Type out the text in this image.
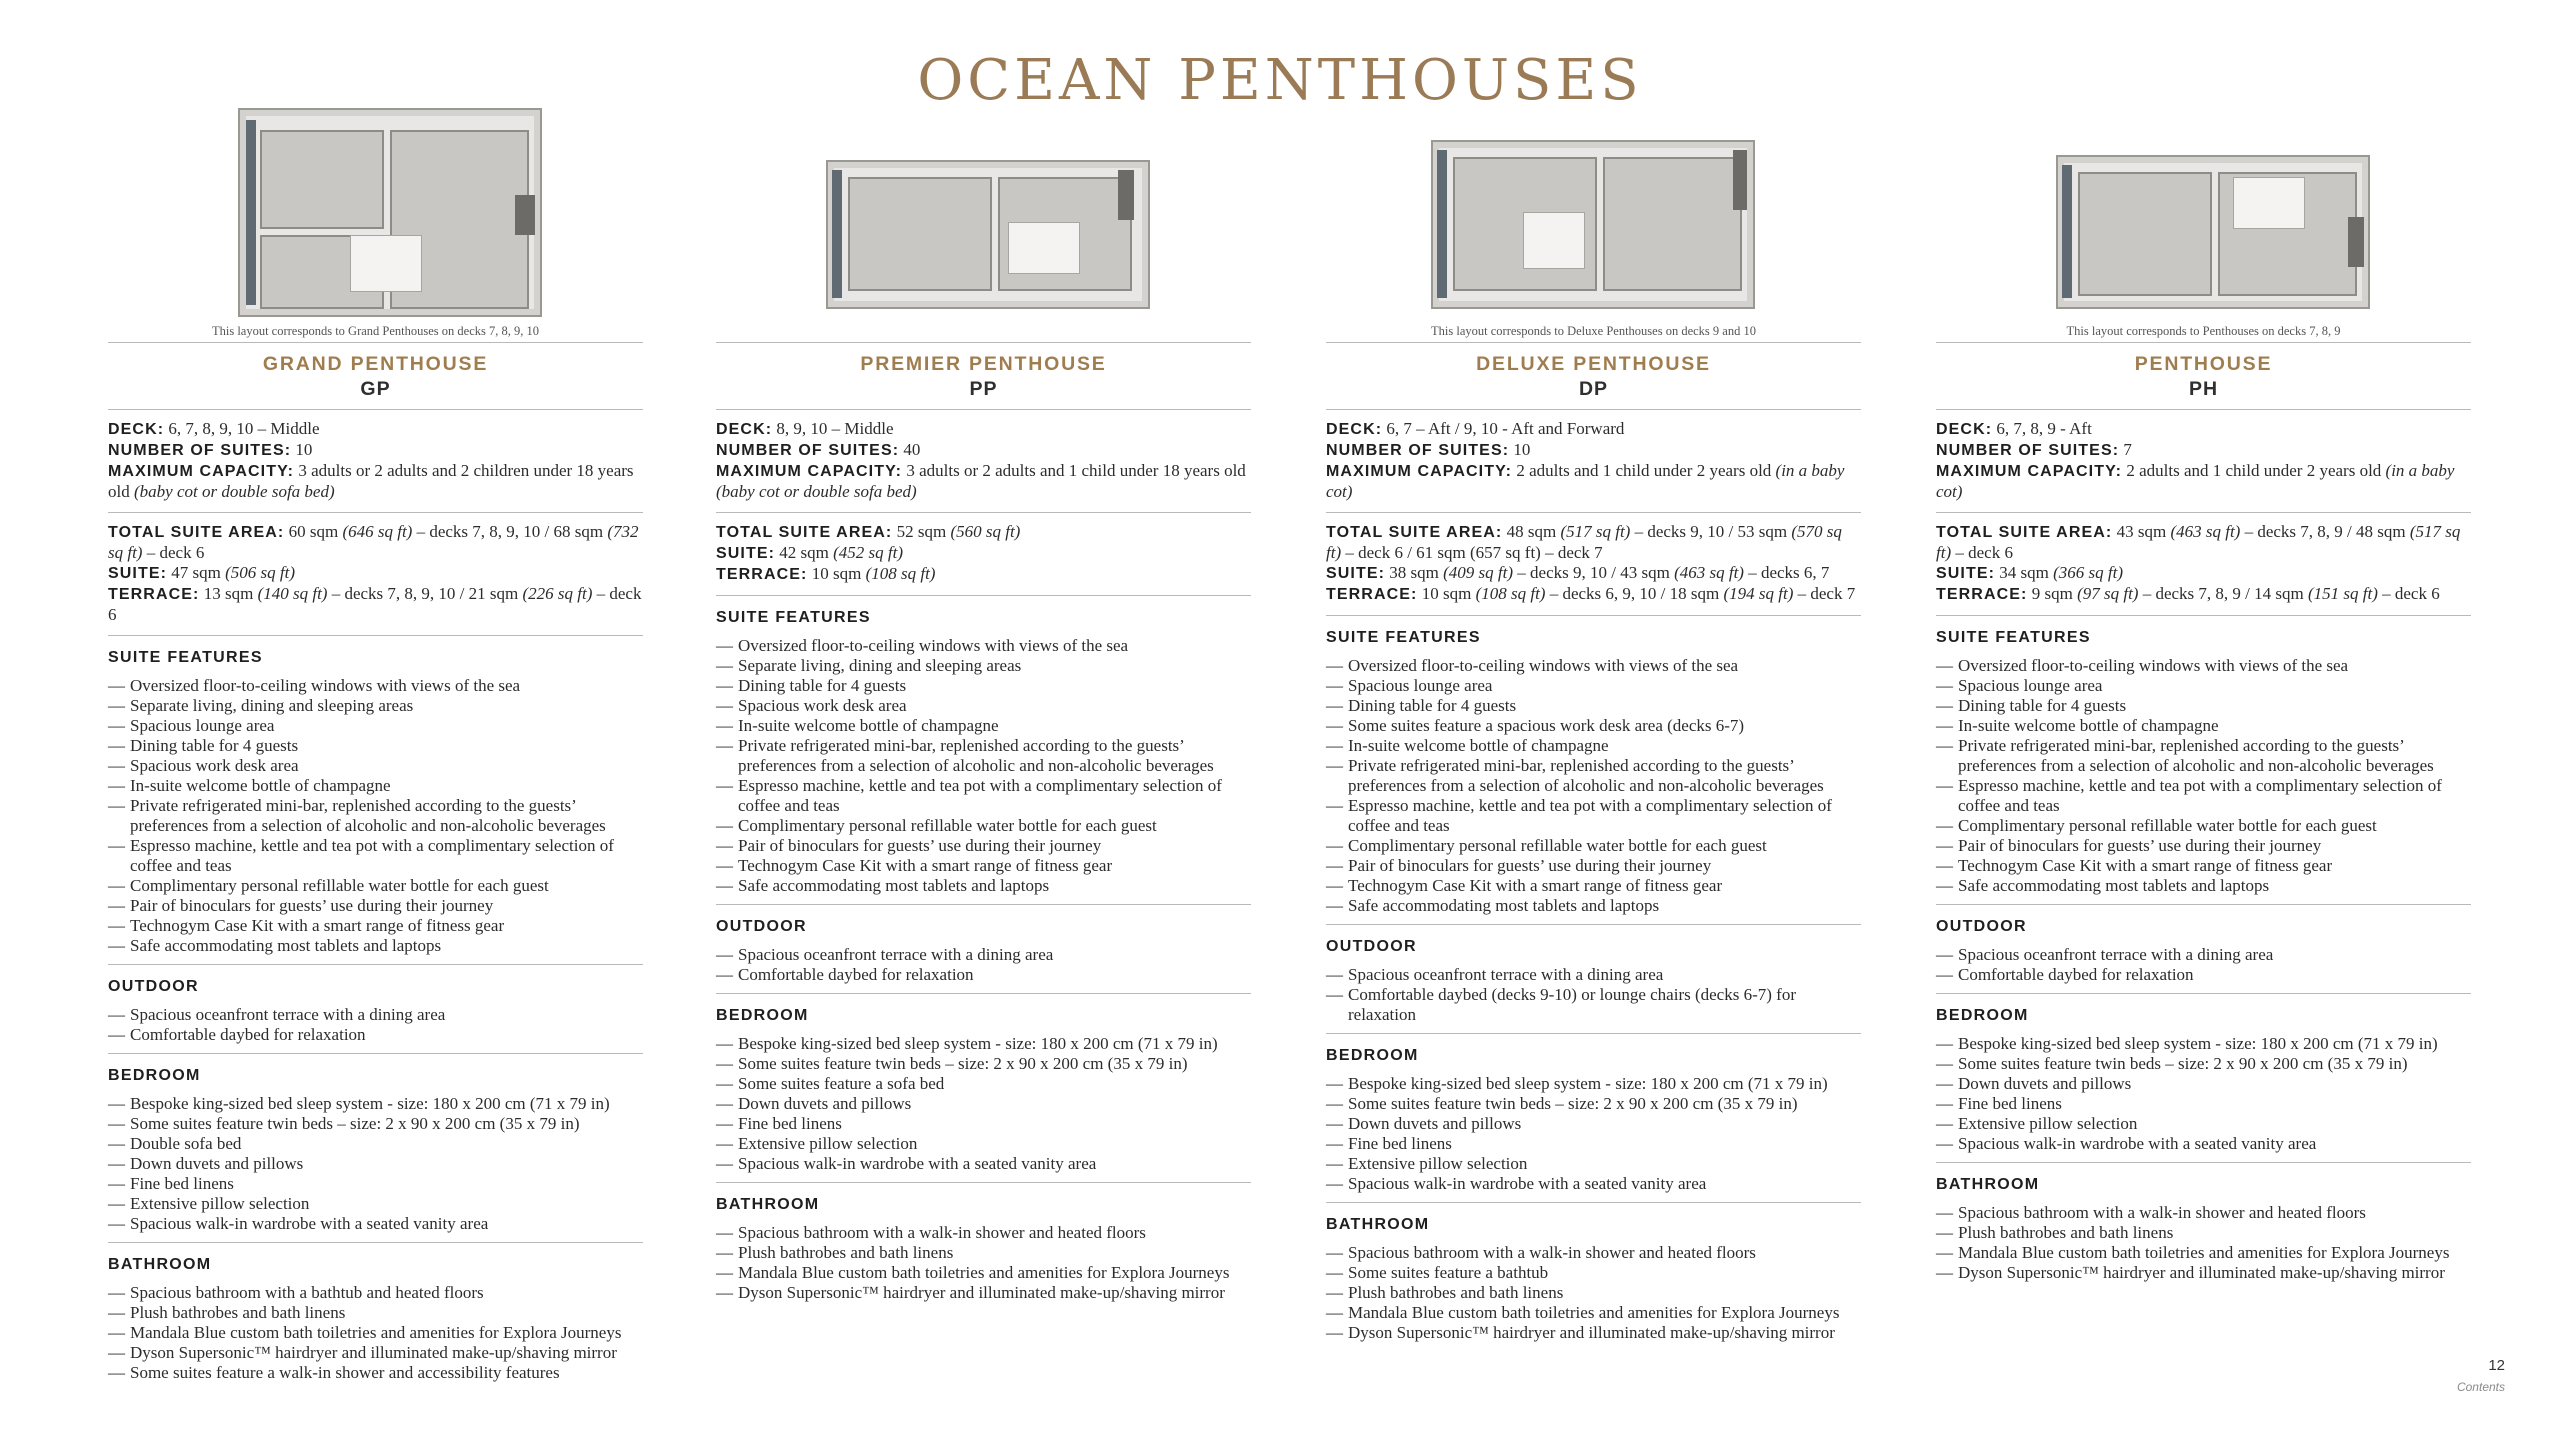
OCEAN PENTHOUSES
This layout corresponds to Grand Penthouses on decks 7, 8, 9, 10
GRAND PENTHOUSE
GP
DECK: 6, 7, 8, 9, 10 – Middle
NUMBER OF SUITES: 10
MAXIMUM CAPACITY: 3 adults or 2 adults and 2 children under 18 years old (baby cot or double sofa bed)
TOTAL SUITE AREA: 60 sqm (646 sq ft) – decks 7, 8, 9, 10 / 68 sqm (732 sq ft) – deck 6
SUITE: 47 sqm (506 sq ft)
TERRACE: 13 sqm (140 sq ft) – decks 7, 8, 9, 10 / 21 sqm (226 sq ft) – deck 6
SUITE FEATURES
—Oversized floor-to-ceiling windows with views of the sea
—Separate living, dining and sleeping areas
—Spacious lounge area
—Dining table for 4 guests
—Spacious work desk area
—In-suite welcome bottle of champagne
—Private refrigerated mini-bar, replenished according to the guests’ preferences from a selection of alcoholic and non-alcoholic beverages
—Espresso machine, kettle and tea pot with a complimentary selection of coffee and teas
—Complimentary personal refillable water bottle for each guest
—Pair of binoculars for guests’ use during their journey
—Technogym Case Kit with a smart range of fitness gear
—Safe accommodating most tablets and laptops
OUTDOOR
—Spacious oceanfront terrace with a dining area
—Comfortable daybed for relaxation
BEDROOM
—Bespoke king-sized bed sleep system - size: 180 x 200 cm (71 x 79 in)
—Some suites feature twin beds – size: 2 x 90 x 200 cm (35 x 79 in)
—Double sofa bed
—Down duvets and pillows
—Fine bed linens
—Extensive pillow selection
—Spacious walk-in wardrobe with a seated vanity area
BATHROOM
—Spacious bathroom with a bathtub and heated floors
—Plush bathrobes and bath linens
—Mandala Blue custom bath toiletries and amenities for Explora Journeys
—Dyson Supersonic™ hairdryer and illuminated make-up/shaving mirror
—Some suites feature a walk-in shower and accessibility features
PREMIER PENTHOUSE
PP
DECK: 8, 9, 10 – Middle
NUMBER OF SUITES: 40
MAXIMUM CAPACITY: 3 adults or 2 adults and 1 child under 18 years old (baby cot or double sofa bed)
TOTAL SUITE AREA: 52 sqm (560 sq ft)
SUITE: 42 sqm (452 sq ft)
TERRACE: 10 sqm (108 sq ft)
SUITE FEATURES
—Oversized floor-to-ceiling windows with views of the sea
—Separate living, dining and sleeping areas
—Dining table for 4 guests
—Spacious work desk area
—In-suite welcome bottle of champagne
—Private refrigerated mini-bar, replenished according to the guests’ preferences from a selection of alcoholic and non-alcoholic beverages
—Espresso machine, kettle and tea pot with a complimentary selection of coffee and teas
—Complimentary personal refillable water bottle for each guest
—Pair of binoculars for guests’ use during their journey
—Technogym Case Kit with a smart range of fitness gear
—Safe accommodating most tablets and laptops
OUTDOOR
—Spacious oceanfront terrace with a dining area
—Comfortable daybed for relaxation
BEDROOM
—Bespoke king-sized bed sleep system - size: 180 x 200 cm (71 x 79 in)
—Some suites feature twin beds – size: 2 x 90 x 200 cm (35 x 79 in)
—Some suites feature a sofa bed
—Down duvets and pillows
—Fine bed linens
—Extensive pillow selection
—Spacious walk-in wardrobe with a seated vanity area
BATHROOM
—Spacious bathroom with a walk-in shower and heated floors
—Plush bathrobes and bath linens
—Mandala Blue custom bath toiletries and amenities for Explora Journeys
—Dyson Supersonic™ hairdryer and illuminated make-up/shaving mirror
This layout corresponds to Deluxe Penthouses on decks 9 and 10
DELUXE PENTHOUSE
DP
DECK: 6, 7 – Aft / 9, 10 - Aft and Forward
NUMBER OF SUITES: 10
MAXIMUM CAPACITY: 2 adults and 1 child under 2 years old (in a baby cot)
TOTAL SUITE AREA: 48 sqm (517 sq ft) – decks 9, 10 / 53 sqm (570 sq ft) – deck 6 / 61 sqm (657 sq ft) – deck 7
SUITE: 38 sqm (409 sq ft) – decks 9, 10 / 43 sqm (463 sq ft) – decks 6, 7
TERRACE: 10 sqm (108 sq ft) – decks 6, 9, 10 / 18 sqm (194 sq ft) – deck 7
SUITE FEATURES
—Oversized floor-to-ceiling windows with views of the sea
—Spacious lounge area
—Dining table for 4 guests
—Some suites feature a spacious work desk area (decks 6-7)
—In-suite welcome bottle of champagne
—Private refrigerated mini-bar, replenished according to the guests’ preferences from a selection of alcoholic and non-alcoholic beverages
—Espresso machine, kettle and tea pot with a complimentary selection of coffee and teas
—Complimentary personal refillable water bottle for each guest
—Pair of binoculars for guests’ use during their journey
—Technogym Case Kit with a smart range of fitness gear
—Safe accommodating most tablets and laptops
OUTDOOR
—Spacious oceanfront terrace with a dining area
—Comfortable daybed (decks 9-10) or lounge chairs (decks 6-7) for relaxation
BEDROOM
—Bespoke king-sized bed sleep system - size: 180 x 200 cm (71 x 79 in)
—Some suites feature twin beds – size: 2 x 90 x 200 cm (35 x 79 in)
—Down duvets and pillows
—Fine bed linens
—Extensive pillow selection
—Spacious walk-in wardrobe with a seated vanity area
BATHROOM
—Spacious bathroom with a walk-in shower and heated floors
—Some suites feature a bathtub
—Plush bathrobes and bath linens
—Mandala Blue custom bath toiletries and amenities for Explora Journeys
—Dyson Supersonic™ hairdryer and illuminated make-up/shaving mirror
This layout corresponds to Penthouses on decks 7, 8, 9
PENTHOUSE
PH
DECK: 6, 7, 8, 9 - Aft
NUMBER OF SUITES: 7
MAXIMUM CAPACITY: 2 adults and 1 child under 2 years old (in a baby cot)
TOTAL SUITE AREA: 43 sqm (463 sq ft) – decks 7, 8, 9 / 48 sqm (517 sq ft) – deck 6
SUITE: 34 sqm (366 sq ft)
TERRACE: 9 sqm (97 sq ft) – decks 7, 8, 9 / 14 sqm (151 sq ft) – deck 6
SUITE FEATURES
—Oversized floor-to-ceiling windows with views of the sea
—Spacious lounge area
—Dining table for 4 guests
—In-suite welcome bottle of champagne
—Private refrigerated mini-bar, replenished according to the guests’ preferences from a selection of alcoholic and non-alcoholic beverages
—Espresso machine, kettle and tea pot with a complimentary selection of coffee and teas
—Complimentary personal refillable water bottle for each guest
—Pair of binoculars for guests’ use during their journey
—Technogym Case Kit with a smart range of fitness gear
—Safe accommodating most tablets and laptops
OUTDOOR
—Spacious oceanfront terrace with a dining area
—Comfortable daybed for relaxation
BEDROOM
—Bespoke king-sized bed sleep system - size: 180 x 200 cm (71 x 79 in)
—Some suites feature twin beds – size: 2 x 90 x 200 cm (35 x 79 in)
—Down duvets and pillows
—Fine bed linens
—Extensive pillow selection
—Spacious walk-in wardrobe with a seated vanity area
BATHROOM
—Spacious bathroom with a walk-in shower and heated floors
—Plush bathrobes and bath linens
—Mandala Blue custom bath toiletries and amenities for Explora Journeys
—Dyson Supersonic™ hairdryer and illuminated make-up/shaving mirror
12
Contents
